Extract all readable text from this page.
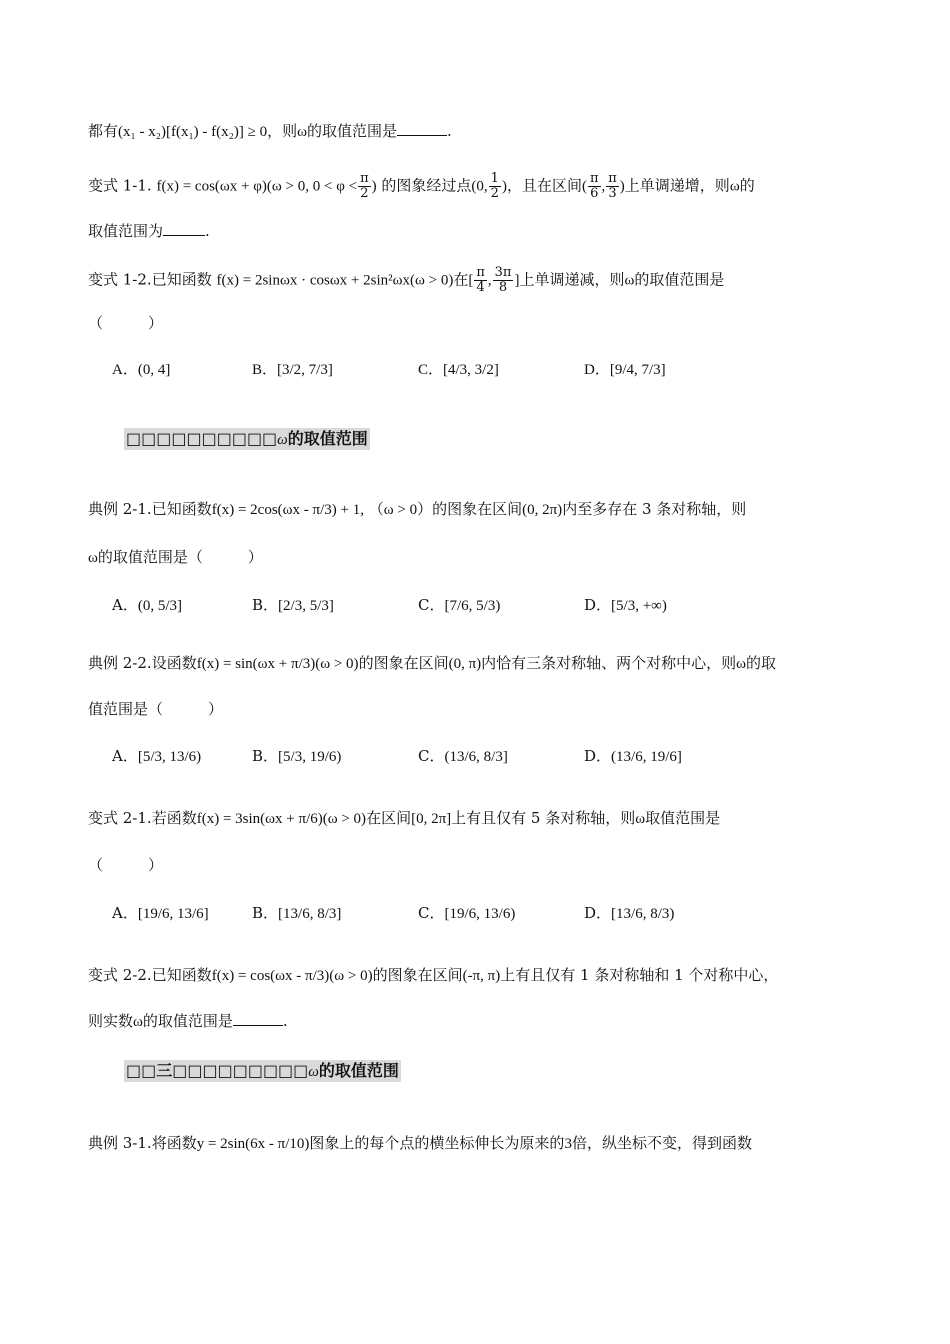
都有(x₁ - x₂)[f(x₁) - f(x₂)] ≥ 0，则ω的取值范围是	.
变式 1-1. f(x) = cos(ωx + φ)(ω > 0, $0 < \varphi < \frac{\pi}{2}$ ) 的图象经过点(0, $\frac{1}{2}$ )，且在区间( $\frac{\pi}{6}$ , $\frac{\pi}{3}$ )上单调递增，则ω的
取值范围为	.
变式 1-2.已知函数 f(x) = 2sinωx · cosωx + 2sin²ωx(ω > 0)在[ $\frac{\pi}{4}$ , $\frac{3\pi}{8}$ ]上单调递减，则ω的取值范围是
（　　　）
A．(0, 4]	B．[3/2, 7/3]	C．[4/3, 3/2]	D．[9/4, 7/3]
□□□□□□□□□□ω的取值范围
典例 2-1.已知函数f(x) = 2cos(ωx - π/3) + 1, （ω > 0）的图象在区间(0, 2π)内至多存在 3 条对称轴，则
ω的取值范围是（　　　）
A．(0, 5/3]	B．[2/3, 5/3]	C．[7/6, 5/3)	D．[5/3, +∞)
典例 2-2.设函数f(x) = sin(ωx + π/3)(ω > 0)的图象在区间(0, π)内恰有三条对称轴、两个对称中心，则ω的取
值范围是（　　　）
A．[5/3, 13/6)	B．[5/3, 19/6)	C．(13/6, 8/3]	D．(13/6, 19/6]
变式 2-1.若函数f(x) = 3sin(ωx + π/6)(ω > 0)在区间[0, 2π]上有且仅有 5 条对称轴，则ω取值范围是
（　　　）
A．[19/6, 13/6]	B．[13/6, 8/3]	C．[19/6, 13/6)	D．[13/6, 8/3)
变式 2-2.已知函数f(x) = cos(ωx - π/3)(ω > 0)的图象在区间(-π, π)上有且仅有 1 条对称轴和 1 个对称中心，
则实数ω的取值范围是	.
□□三□□□□□□□□□ω的取值范围
典例 3-1.将函数y = 2sin(6x - π/10)图象上的每个点的横坐标伸长为原来的3倍，纵坐标不变，得到函数
